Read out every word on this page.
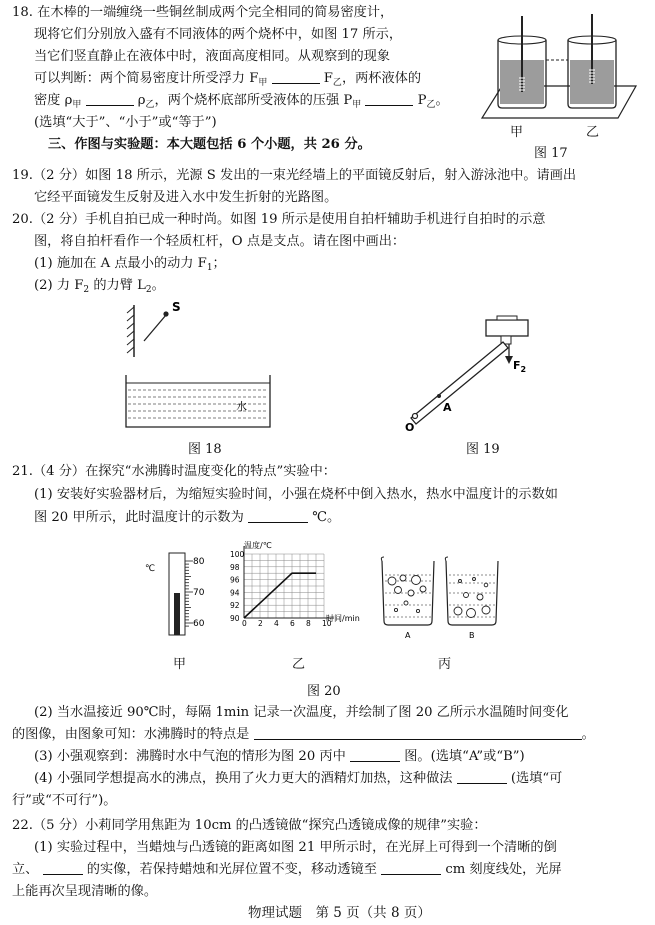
18. 在木棒的一端缠绕一些铜丝制成两个完全相同的简易密度计，
现将它们分别放入盛有不同液体的两个烧杯中，如图 17 所示，
当它们竖直静止在液体中时，液面高度相同。从观察到的现象
可以判断：两个简易密度计所受浮力 $F_甲$	$F_乙$，两杯液体的
密度 $\rho_甲$	$\rho_乙$，两个烧杯底部所受液体的压强 $P_甲$	$P_乙$。
(选填“大于”、“小于”或“等于”)
甲	乙
图 17
三、作图与实验题：本大题包括 6 个小题，共 26 分。
19.（2 分）如图 18 所示，光源 S 发出的一束光经墙上的平面镜反射后，射入游泳池中。请画出
它经平面镜发生反射及进入水中发生折射的光路图。
20.（2 分）手机自拍已成一种时尚。如图 19 所示是使用自拍杆辅助手机进行自拍时的示意
图，将自拍杆看作一个轻质杠杆，O 点是支点。请在图中画出：
(1) 施加在 A 点最小的动力 $F_1$；
(2) 力 $F_2$ 的力臂 $L_2$。
S
水
图 18
$F_2$
A
O
图 19
21.（4 分）在探究“水沸腾时温度变化的特点”实验中：
(1) 安装好实验器材后，为缩短实验时间，小强在烧杯中倒入热水，热水中温度计的示数如
图 20 甲所示，此时温度计的示数为	℃。
℃
80
70
60
甲
温度/℃
时间/min
0 2 4 6 8 10
90
92
94
96
98
100
乙
A	B
丙
图 20
(2) 当水温接近 90℃时，每隔 1min 记录一次温度，并绘制了图 20 乙所示水温随时间变化
的图像，由图象可知：水沸腾时的特点是	。
(3) 小强观察到：沸腾时水中气泡的情形为图 20 丙中	图。(选填“A”或“B”)
(4) 小强同学想提高水的沸点，换用了火力更大的酒精灯加热，这种做法	(选填“可
行”或“不可行”)。
22.（5 分）小莉同学用焦距为 10cm 的凸透镜做“探究凸透镜成像的规律”实验：
(1) 实验过程中，当蜡烛与凸透镜的距离如图 21 甲所示时，在光屏上可得到一个清晰的倒
立、	的实像，若保持蜡烛和光屏位置不变，移动透镜至	cm 刻度线处，光屏
上能再次呈现清晰的像。
物理试题　第 5 页（共 8 页）
